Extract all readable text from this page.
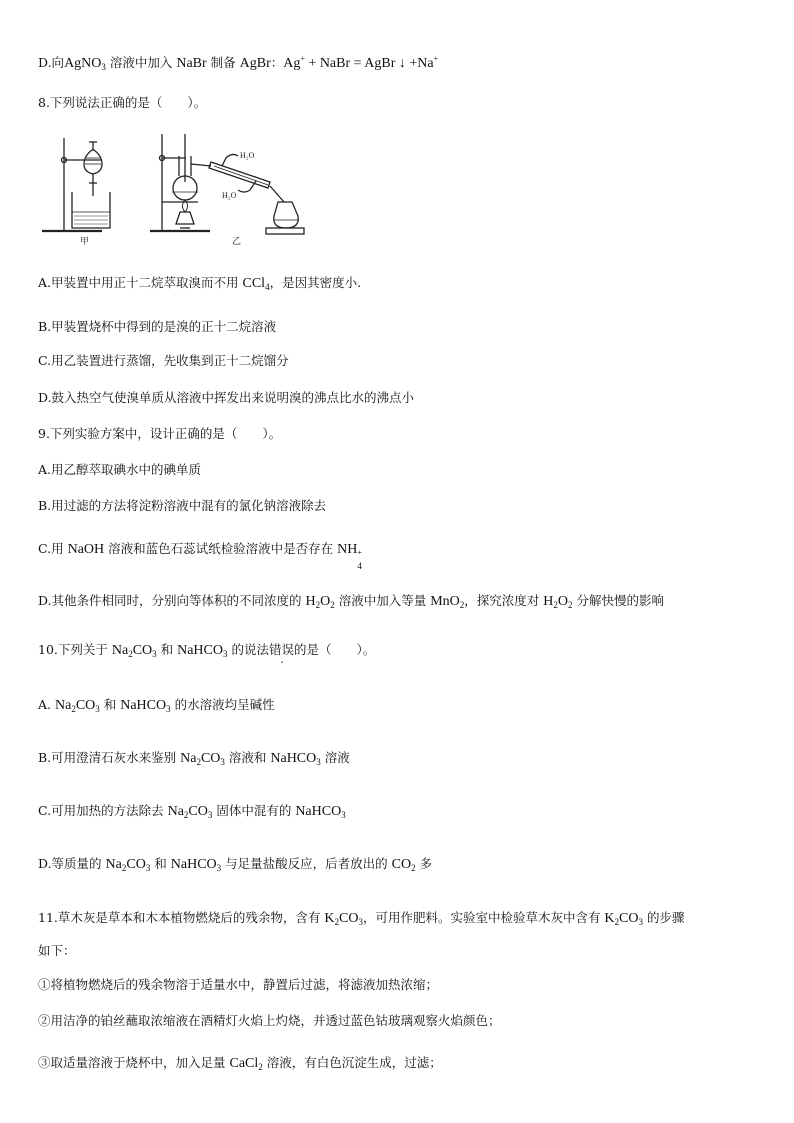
D.向AgNO$_3$ 溶液中加入 NaBr 制备 AgBr：Ag+ + NaBr = AgBr ↓ +Na+
8.下列说法正确的是（　　）。
H₂O
H₂O
甲	乙
A.甲装置中用正十二烷萃取溴而不用 CCl$_4$，是因其密度小.
B.甲装置烧杯中得到的是溴的正十二烷溶液
C.用乙装置进行蒸馏，先收集到正十二烷馏分
D.鼓入热空气使溴单质从溶液中挥发出来说明溴的沸点比水的沸点小
9.下列实验方案中，设计正确的是（　　）。
A.用乙醇萃取碘水中的碘单质
B.用过滤的方法将淀粉溶液中混有的氯化钠溶液除去
C.用 NaOH 溶液和蓝色石蕊试纸检验溶液中是否存在 NH +
4
D.其他条件相同时，分别向等体积的不同浓度的 $H_2O_2$ 溶液中加入等量 MnO$_2$，探究浓度对 $H_2O_2$ 分解快慢的影响
10.下列关于 $Na_2CO_3$ 和 NaHCO$_3$ 的说法错误的是（　　）。
A. $Na_2CO_3$ 和 NaHCO$_3$ 的水溶液均呈碱性
B.可用澄清石灰水来鉴别 $Na_2CO_3$ 溶液和 NaHCO$_3$ 溶液
C.可用加热的方法除去 $Na_2CO_3$ 固体中混有的 NaHCO$_3$
D.等质量的 $Na_2CO_3$ 和 NaHCO$_3$ 与足量盐酸反应，后者放出的 $CO_2$ 多
11.草木灰是草本和木本植物燃烧后的残余物，含有 $K_2CO_3$，可用作肥料。实验室中检验草木灰中含有 $K_2CO_3$ 的步骤
如下：
①将植物燃烧后的残余物溶于适量水中，静置后过滤，将滤液加热浓缩；
②用洁净的铂丝蘸取浓缩液在酒精灯火焰上灼烧，并透过蓝色钴玻璃观察火焰颜色；
③取适量溶液于烧杯中，加入足量 CaCl$_2$ 溶液，有白色沉淀生成，过滤；
